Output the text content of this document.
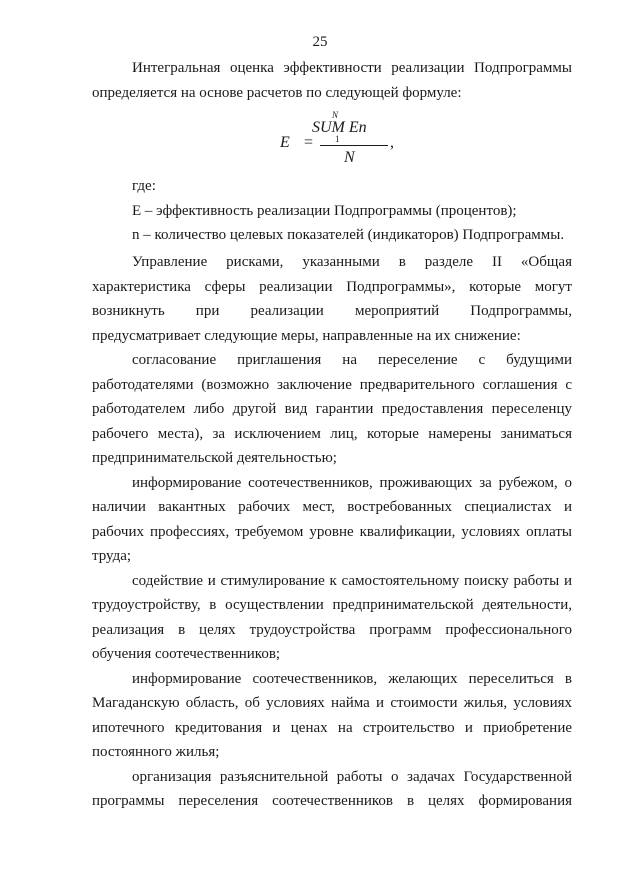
25

Интегральная оценка эффективности реализации Подпрограммы определяется на основе расчетов по следующей формуле:

E =
N
SUM En
1
N
,

где:

E – эффективность реализации Подпрограммы (процентов);

n – количество целевых показателей (индикаторов) Подпрограммы.

Управление рисками, указанными в разделе II «Общая характеристика сферы реализации Подпрограммы», которые могут возникнуть при реализации мероприятий Подпрограммы, предусматривает следующие меры, направленные на их снижение:

согласование приглашения на переселение с будущими работодателями (возможно заключение предварительного соглашения с работодателем либо другой вид гарантии предоставления переселенцу рабочего места), за исключением лиц, которые намерены заниматься предпринимательской деятельностью;

информирование соотечественников, проживающих за рубежом, о наличии вакантных рабочих мест, востребованных специалистах и рабочих профессиях, требуемом уровне квалификации, условиях оплаты труда;

содействие и стимулирование к самостоятельному поиску работы и трудоустройству, в осуществлении предпринимательской деятельности, реализация в целях трудоустройства программ профессионального обучения соотечественников;

информирование соотечественников, желающих переселиться в Магаданскую область, об условиях найма и стоимости жилья, условиях ипотечного кредитования и ценах на строительство и приобретение постоянного жилья;

организация разъяснительной работы о задачах Государственной программы переселения соотечественников в целях формирования
